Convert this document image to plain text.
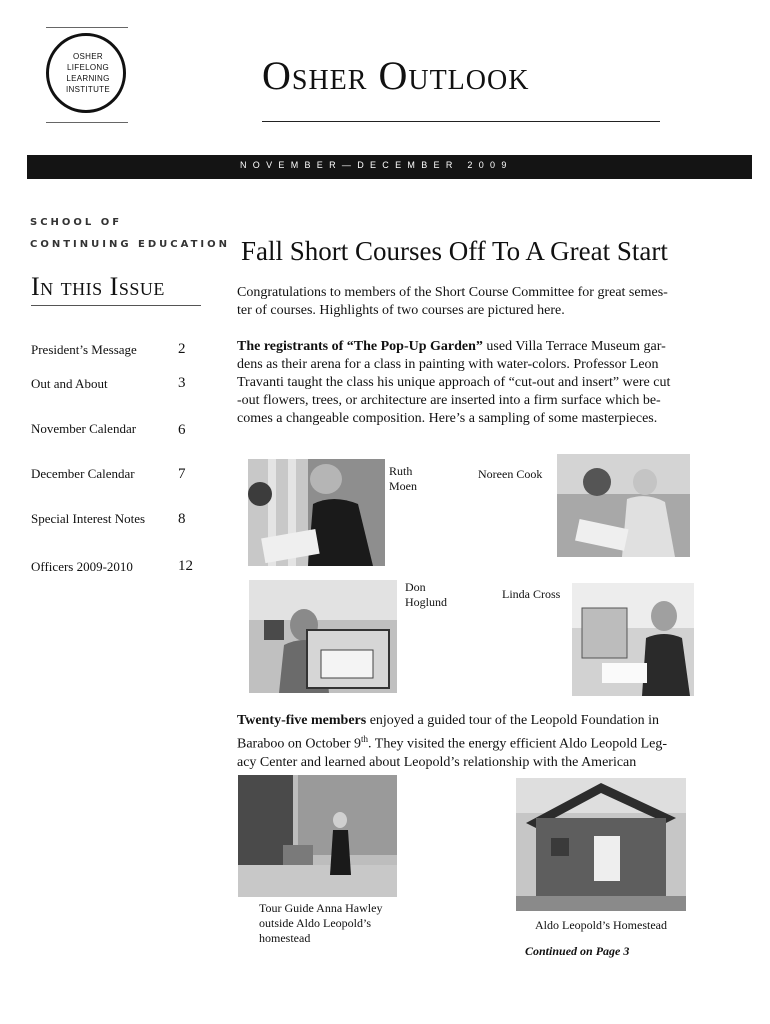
OSHER
LIFELONG
LEARNING
INSTITUTE	Osher Outlook
NOVEMBER—DECEMBER 2009
SCHOOL OF
CONTINUING EDUCATION
In this Issue
President’s Message	2
Out and About	3
November Calendar	6
December Calendar	7
Special Interest Notes 8
Officers 2009-2010	12
Fall Short Courses Off To A Great Start
Congratulations to members of the Short Course Committee for great semes-
ter of courses. Highlights of two courses are pictured here.
The registrants of “The Pop-Up Garden” used Villa Terrace Museum gar-
dens as their arena for a class in painting with water-colors. Professor Leon
Travanti taught the class his unique approach of “cut-out and insert” were cut
-out flowers, trees, or architecture are inserted into a firm surface which be-
comes a changeable composition. Here’s a sampling of some masterpieces.
Ruth
Moen
Noreen Cook
Don
Hoglund
Linda Cross
Twenty-five members enjoyed a guided tour of the Leopold Foundation in
Baraboo on October 9th. They visited the energy efficient Aldo Leopold Leg-
acy Center and learned about Leopold’s relationship with the American
Tour Guide Anna Hawley
outside Aldo Leopold’s
homestead
Aldo Leopold’s Homestead
Continued on Page 3
